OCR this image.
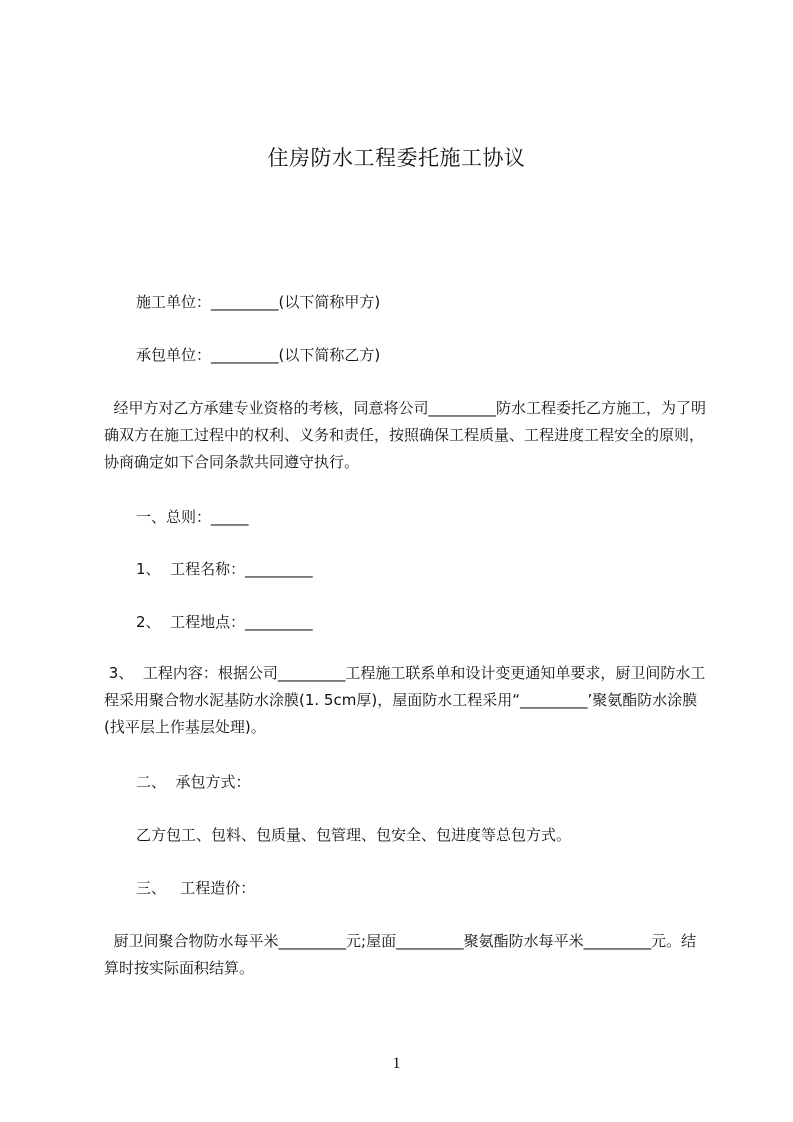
住房防水工程委托施工协议
施工单位：_________(以下简称甲方)
承包单位：_________(以下简称乙方)
经甲方对乙方承建专业资格的考核，同意将公司_________防水工程委托乙方施工，为了明确双方在施工过程中的权利、义务和责任，按照确保工程质量、工程进度工程安全的原则，协商确定如下合同条款共同遵守执行。
一、总则：_____
1、  工程名称：_________
2、  工程地点：_________
3、  工程内容：根据公司_________工程施工联系单和设计变更通知单要求，厨卫间防水工程采用聚合物水泥基防水涂膜(1. 5cm厚)，屋面防水工程采用“_________’聚氨酯防水涂膜(找平层上作基层处理)。
二、  承包方式：
乙方包工、包料、包质量、包管理、包安全、包进度等总包方式。
三、   工程造价：
厨卫间聚合物防水每平米_________元;屋面_________聚氨酯防水每平米_________元。结算时按实际面积结算。
1
